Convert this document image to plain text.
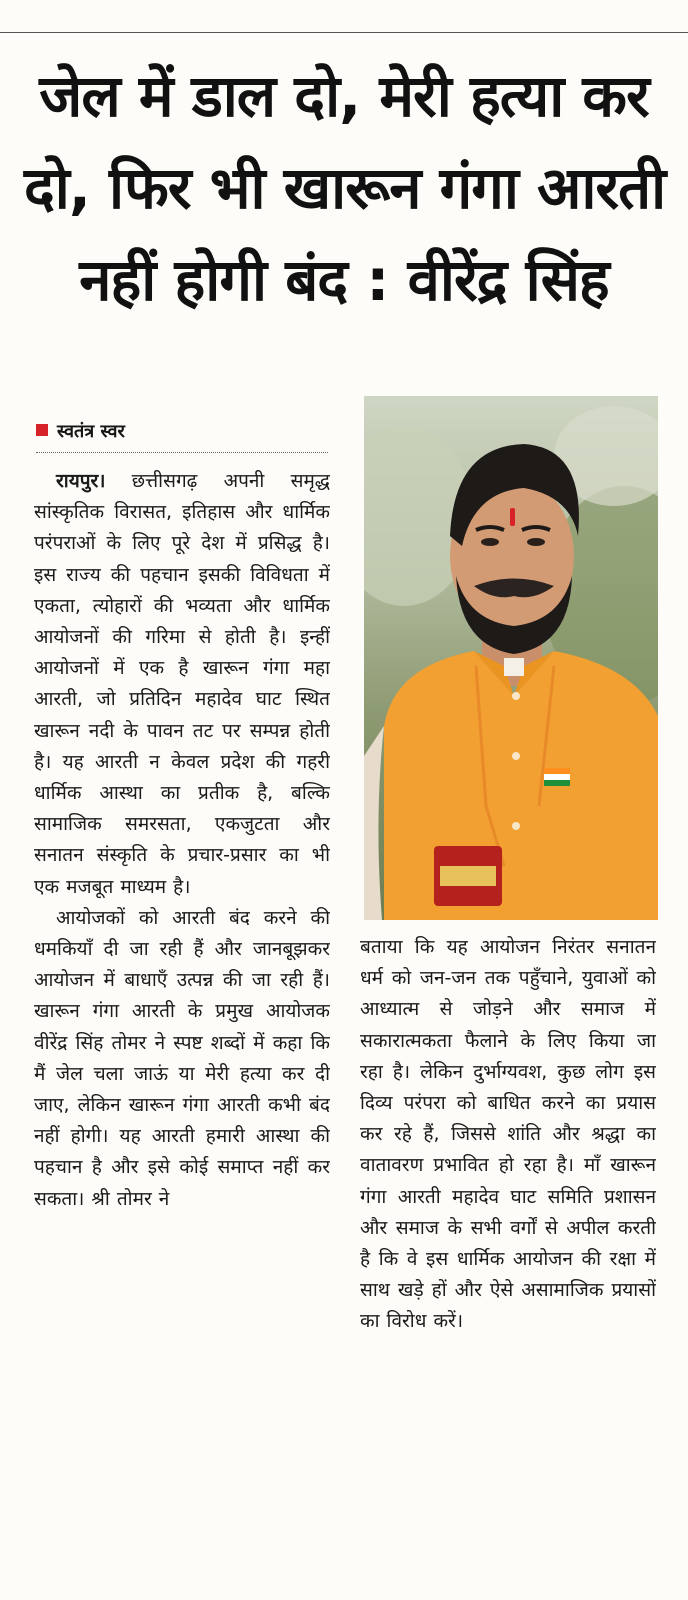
जेल में डाल दो, मेरी हत्या कर
दो, फिर भी खारून गंगा आरती
नहीं होगी बंद : वीरेंद्र सिंह
स्वतंत्र स्वर

रायपुर। छत्तीसगढ़ अपनी समृद्ध सांस्कृतिक विरासत, इतिहास और धार्मिक परंपराओं के लिए पूरे देश में प्रसिद्ध है। इस राज्य की पहचान इसकी विविधता में एकता, त्योहारों की भव्यता और धार्मिक आयोजनों की गरिमा से होती है। इन्हीं आयोजनों में एक है खारून गंगा महा आरती, जो प्रतिदिन महादेव घाट स्थित खारून नदी के पावन तट पर सम्पन्न होती है। यह आरती न केवल प्रदेश की गहरी धार्मिक आस्था का प्रतीक है, बल्कि सामाजिक समरसता, एकजुटता और सनातन संस्कृति के प्रचार-प्रसार का भी एक मजबूत माध्यम है।

आयोजकों को आरती बंद करने की धमकियाँ दी जा रही हैं और जानबूझकर आयोजन में बाधाएँ उत्पन्न की जा रही हैं। खारून गंगा आरती के प्रमुख आयोजक वीरेंद्र सिंह तोमर ने स्पष्ट शब्दों में कहा कि मैं जेल चला जाऊं या मेरी हत्या कर दी जाए, लेकिन खारून गंगा आरती कभी बंद नहीं होगी। यह आरती हमारी आस्था की पहचान है और इसे कोई समाप्त नहीं कर सकता। श्री तोमर ने

बताया कि यह आयोजन निरंतर सनातन धर्म को जन-जन तक पहुँचाने, युवाओं को आध्यात्म से जोड़ने और समाज में सकारात्मकता फैलाने के लिए किया जा रहा है। लेकिन दुर्भाग्यवश, कुछ लोग इस दिव्य परंपरा को बाधित करने का प्रयास कर रहे हैं, जिससे शांति और श्रद्धा का वातावरण प्रभावित हो रहा है। माँ खारून गंगा आरती महादेव घाट समिति प्रशासन और समाज के सभी वर्गों से अपील करती है कि वे इस धार्मिक आयोजन की रक्षा में साथ खड़े हों और ऐसे असामाजिक प्रयासों का विरोध करें।
